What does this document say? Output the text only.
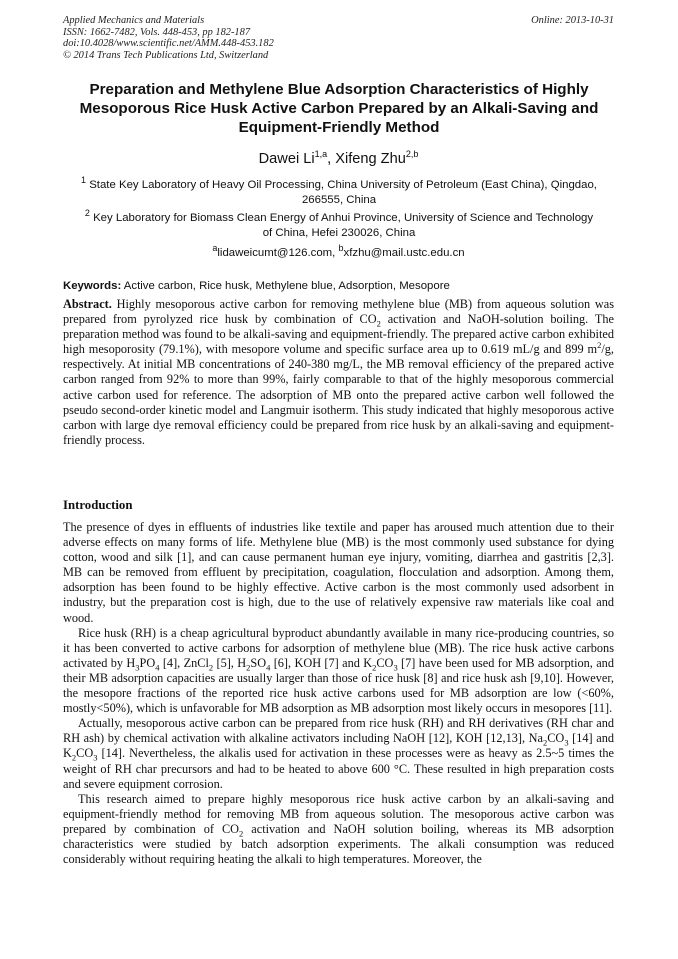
Applied Mechanics and Materials
ISSN: 1662-7482, Vols. 448-453, pp 182-187
doi:10.4028/www.scientific.net/AMM.448-453.182
© 2014 Trans Tech Publications Ltd, Switzerland
Online: 2013-10-31
Preparation and Methylene Blue Adsorption Characteristics of Highly Mesoporous Rice Husk Active Carbon Prepared by an Alkali-Saving and Equipment-Friendly Method
Dawei Li$^{1,a}$, Xifeng Zhu$^{2,b}$
$^1$ State Key Laboratory of Heavy Oil Processing, China University of Petroleum (East China), Qingdao, 266555, China
$^2$ Key Laboratory for Biomass Clean Energy of Anhui Province, University of Science and Technology of China, Hefei 230026, China
$^a$lidaweicumt@126.com, $^b$xfzhu@mail.ustc.edu.cn
Keywords: Active carbon, Rice husk, Methylene blue, Adsorption, Mesopore
Abstract. Highly mesoporous active carbon for removing methylene blue (MB) from aqueous solution was prepared from pyrolyzed rice husk by combination of $CO_2$ activation and NaOH-solution boiling. The preparation method was found to be alkali-saving and equipment-friendly. The prepared active carbon exhibited high mesoporosity (79.1%), with mesopore volume and specific surface area up to 0.619 mL/g and 899 $m^2/g$, respectively. At initial MB concentrations of 240-380 mg/L, the MB removal efficiency of the prepared active carbon ranged from 92% to more than 99%, fairly comparable to that of the highly mesoporous commercial active carbon used for reference. The adsorption of MB onto the prepared active carbon well followed the pseudo second-order kinetic model and Langmuir isotherm. This study indicated that highly mesoporous active carbon with large dye removal efficiency could be prepared from rice husk by an alkali-saving and equipment-friendly process.
Introduction

The presence of dyes in effluents of industries like textile and paper has aroused much attention due to their adverse effects on many forms of life. Methylene blue (MB) is the most commonly used substance for dying cotton, wood and silk [1], and can cause permanent human eye injury, vomiting, diarrhea and gastritis [2,3]. MB can be removed from effluent by precipitation, coagulation, flocculation and adsorption. Among them, adsorption has been found to be highly effective. Active carbon is the most commonly used adsorbent in industry, but the preparation cost is high, due to the use of relatively expensive raw materials like coal and wood.

Rice husk (RH) is a cheap agricultural byproduct abundantly available in many rice-producing countries, so it has been converted to active carbons for adsorption of methylene blue (MB). The rice husk active carbons activated by $H_3PO_4$ [4], ZnCl$_2$ [5], $H_2SO_4$ [6], KOH [7] and $K_2CO_3$ [7] have been used for MB adsorption, and their MB adsorption capacities are usually larger than those of rice husk [8] and rice husk ash [9,10]. However, the mesopore fractions of the reported rice husk active carbons used for MB adsorption are low (<60%, mostly<50%), which is unfavorable for MB adsorption as MB adsorption most likely occurs in mesopores [11].

Actually, mesoporous active carbon can be prepared from rice husk (RH) and RH derivatives (RH char and RH ash) by chemical activation with alkaline activators including NaOH [12], KOH [12,13], $Na_2CO_3$ [14] and $K_2CO_3$ [14]. Nevertheless, the alkalis used for activation in these processes were as heavy as 2.5~5 times the weight of RH char precursors and had to be heated to above 600 °C. These resulted in high preparation costs and severe equipment corrosion.

This research aimed to prepare highly mesoporous rice husk active carbon by an alkali-saving and equipment-friendly method for removing MB from aqueous solution. The mesoporous active carbon was prepared by combination of $CO_2$ activation and NaOH solution boiling, whereas its MB adsorption characteristics were studied by batch adsorption experiments. The alkali consumption was reduced considerably without requiring heating the alkali to high temperatures. Moreover, the
